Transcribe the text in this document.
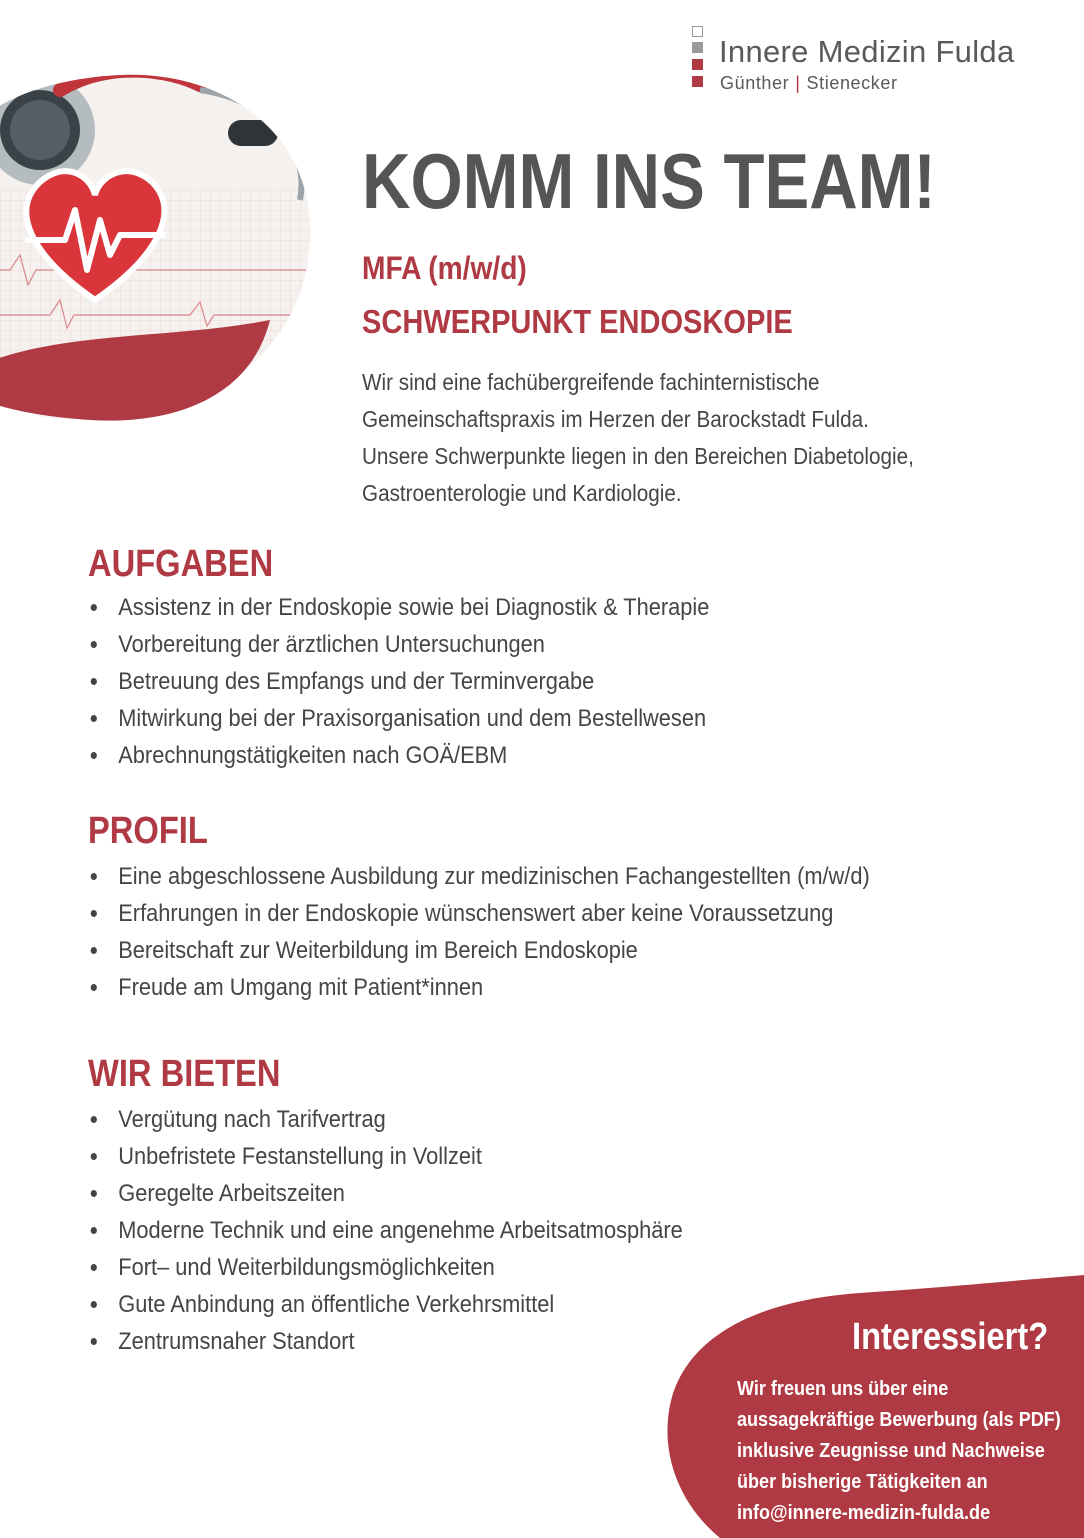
Innere Medizin Fulda
Günther | Stienecker
KOMM INS TEAM!
MFA (m/w/d)
SCHWERPUNKT ENDOSKOPIE
Wir sind eine fachübergreifende fachinternistische
Gemeinschaftspraxis im Herzen der Barockstadt Fulda.
Unsere Schwerpunkte liegen in den Bereichen Diabetologie,
Gastroenterologie und Kardiologie.
AUFGABEN
Assistenz in der Endoskopie sowie bei Diagnostik & Therapie
Vorbereitung der ärztlichen Untersuchungen
Betreuung des Empfangs und der Terminvergabe
Mitwirkung bei der Praxisorganisation und dem Bestellwesen
Abrechnungstätigkeiten nach GOÄ/EBM
PROFIL
Eine abgeschlossene Ausbildung zur medizinischen Fachangestellten (m/w/d)
Erfahrungen in der Endoskopie wünschenswert aber keine Voraussetzung
Bereitschaft zur Weiterbildung im Bereich Endoskopie
Freude am Umgang mit Patient*innen
WIR BIETEN
Vergütung nach Tarifvertrag
Unbefristete Festanstellung in Vollzeit
Geregelte Arbeitszeiten
Moderne Technik und eine angenehme Arbeitsatmosphäre
Fort– und Weiterbildungsmöglichkeiten
Gute Anbindung an öffentliche Verkehrsmittel
Zentrumsnaher Standort	Interessiert?
Wir freuen uns über eine
aussagekräftige Bewerbung (als PDF)
inklusive Zeugnisse und Nachweise
über bisherige Tätigkeiten an
info@innere-medizin-fulda.de
